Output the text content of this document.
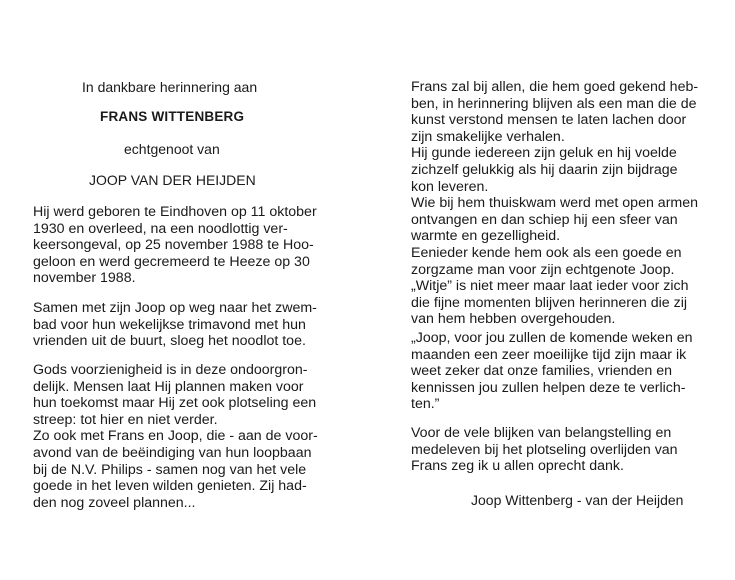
In dankbare herinnering aan
FRANS WITTENBERG
echtgenoot van
JOOP VAN DER HEIJDEN

Hij werd geboren te Eindhoven op 11 oktober
1930 en overleed, na een noodlottig ver-
keersongeval, op 25 november 1988 te Hoo-
geloon en werd gecremeerd te Heeze op 30
november 1988.

Samen met zijn Joop op weg naar het zwem-
bad voor hun wekelijkse trimavond met hun
vrienden uit de buurt, sloeg het noodlot toe.

Gods voorzienigheid is in deze ondoorgron-
delijk. Mensen laat Hij plannen maken voor
hun toekomst maar Hij zet ook plotseling een
streep: tot hier en niet verder.
Zo ook met Frans en Joop, die - aan de voor-
avond van de beëindiging van hun loopbaan
bij de N.V. Philips - samen nog van het vele
goede in het leven wilden genieten. Zij had-
den nog zoveel plannen...

Frans zal bij allen, die hem goed gekend heb-
ben, in herinnering blijven als een man die de
kunst verstond mensen te laten lachen door
zijn smakelijke verhalen.
Hij gunde iedereen zijn geluk en hij voelde
zichzelf gelukkig als hij daarin zijn bijdrage
kon leveren.
Wie bij hem thuiskwam werd met open armen
ontvangen en dan schiep hij een sfeer van
warmte en gezelligheid.
Eenieder kende hem ook als een goede en
zorgzame man voor zijn echtgenote Joop.
„Witje” is niet meer maar laat ieder voor zich
die fijne momenten blijven herinneren die zij
van hem hebben overgehouden.

„Joop, voor jou zullen de komende weken en
maanden een zeer moeilijke tijd zijn maar ik
weet zeker dat onze families, vrienden en
kennissen jou zullen helpen deze te verlich-
ten.”

Voor de vele blijken van belangstelling en
medeleven bij het plotseling overlijden van
Frans zeg ik u allen oprecht dank.

Joop Wittenberg - van der Heijden
